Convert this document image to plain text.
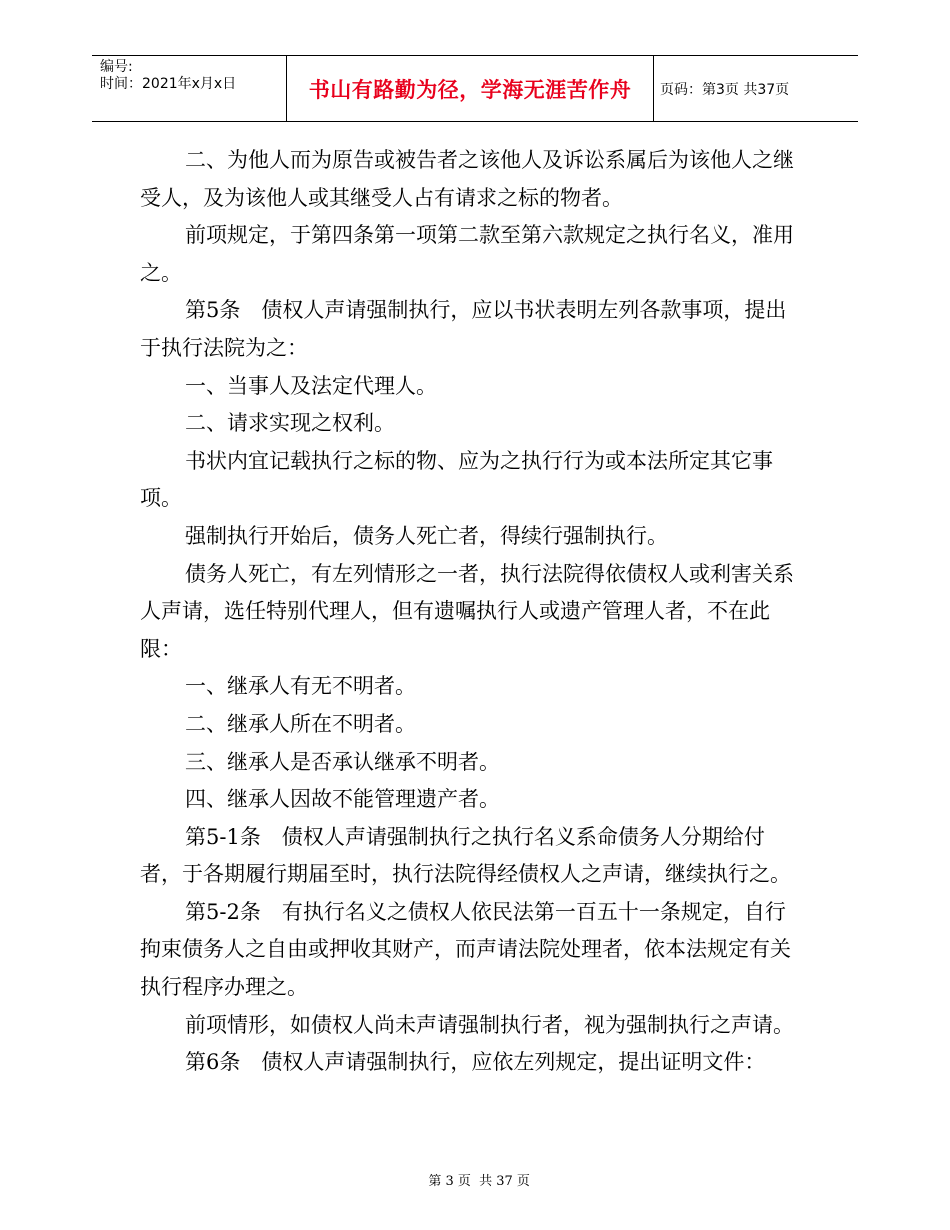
编号:
时间：2021年x月x日	书山有路勤为径，学海无涯苦作舟 页码：第3页 共37页

二、为他人而为原告或被告者之该他人及诉讼系属后为该他人之继受人，及为该他人或其继受人占有请求之标的物者。

前项规定，于第四条第一项第二款至第六款规定之执行名义，准用之。

第5条　债权人声请强制执行，应以书状表明左列各款事项，提出于执行法院为之：

一、当事人及法定代理人。

二、请求实现之权利。

书状内宜记载执行之标的物、应为之执行行为或本法所定其它事项。

强制执行开始后，债务人死亡者，得续行强制执行。

债务人死亡，有左列情形之一者，执行法院得依债权人或利害关系人声请，选任特别代理人，但有遗嘱执行人或遗产管理人者，不在此限：

一、继承人有无不明者。

二、继承人所在不明者。

三、继承人是否承认继承不明者。

四、继承人因故不能管理遗产者。

第5-1条　债权人声请强制执行之执行名义系命债务人分期给付者，于各期履行期届至时，执行法院得经债权人之声请，继续执行之。

第5-2条　有执行名义之债权人依民法第一百五十一条规定，自行拘束债务人之自由或押收其财产，而声请法院处理者，依本法规定有关执行程序办理之。

前项情形，如债权人尚未声请强制执行者，视为强制执行之声请。

第6条　债权人声请强制执行，应依左列规定，提出证明文件：

第 3 页  共 37 页
